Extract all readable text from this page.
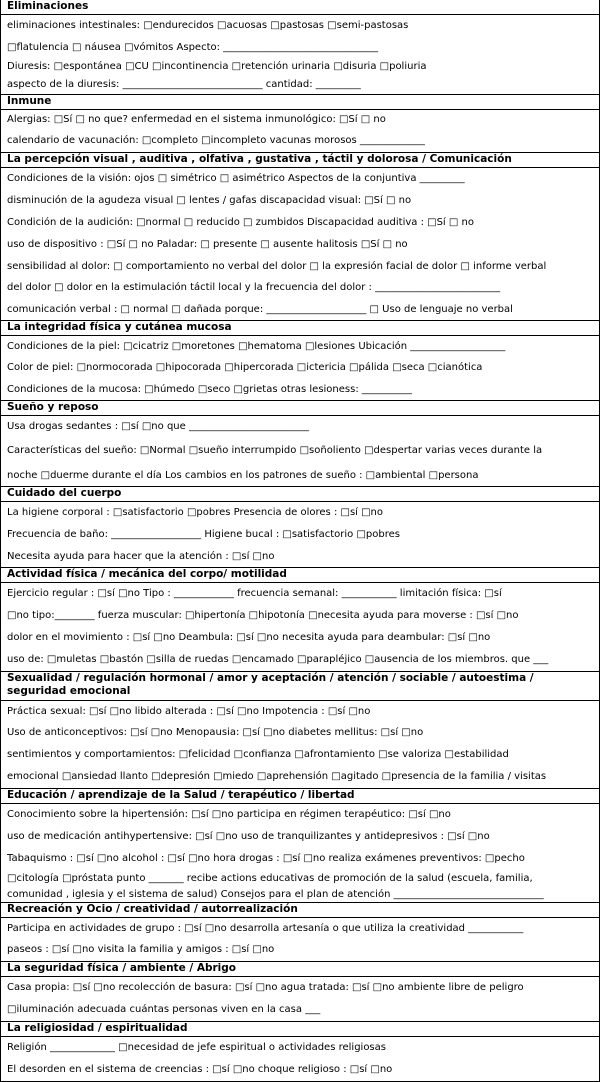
Eliminaciones
eliminaciones intestinales: □endurecidos □acuosas □pastosas □semi-pastosas
□flatulencia □ náusea □vómitos Aspecto: _______________________________
Diuresis: □espontánea □CU □incontinencia □retención urinaria □disuria □poliuria
aspecto de la diuresis: ____________________________ cantidad: _________
Inmune
Alergias: □Sí □ no que? enfermedad en el sistema inmunológico: □Sí □ no
calendario de vacunación: □completo □incompleto vacunas morosos _____________
La percepción visual , auditiva , olfativa , gustativa , táctil y dolorosa / Comunicación
Condiciones de la visión: ojos □ simétrico □ asimétrico Aspectos de la conjuntiva _________
disminución de la agudeza visual □ lentes / gafas discapacidad visual: □Sí □ no
Condición de la audición: □normal □ reducido □ zumbidos Discapacidad auditiva : □Sí □ no
uso de dispositivo : □Sí □ no Paladar: □ presente □ ausente halitosis □Sí □ no
sensibilidad al dolor: □ comportamiento no verbal del dolor □ la expresión facial de dolor □ informe verbal
del dolor □ dolor en la estimulación táctil local y la frecuencia del dolor : _________________________
comunicación verbal : □ normal □ dañada porque: ____________________ □ Uso de lenguaje no verbal
La integridad física y cutánea mucosa
Condiciones de la piel: □cicatriz □moretones □hematoma □lesiones Ubicación ___________________
Color de piel: □normocorada □hipocorada □hipercorada □ictericia □pálida □seca □cianótica
Condiciones de la mucosa: □húmedo □seco □grietas otras lesioness: __________
Sueño y reposo
Usa drogas sedantes : □sí □no que ________________________
Características del sueño: □Normal □sueño interrumpido □soñoliento □despertar varias veces durante la
noche □duerme durante el día Los cambios en los patrones de sueño : □ambiental □persona
Cuidado del cuerpo
La higiene corporal : □satisfactorio □pobres Presencia de olores : □sí □no
Frecuencia de baño: __________________ Higiene bucal : □satisfactorio □pobres
Necesita ayuda para hacer que la atención : □sí □no
Actividad física / mecánica del corpo/ motilidad
Ejercicio regular : □sí □no Tipo : ____________ frecuencia semanal: ___________ limitación física: □sí
□no tipo:________ fuerza muscular: □hipertonía □hipotonía □necesita ayuda para moverse : □sí □no
dolor en el movimiento : □sí □no Deambula: □sí □no necesita ayuda para deambular: □sí □no
uso de: □muletas □bastón □silla de ruedas □encamado □parapléjico □ausencia de los miembros. que ___
Sexualidad / regulación hormonal / amor y aceptación / atención / sociable / autoestima / seguridad emocional
Práctica sexual: □sí □no libido alterada : □sí □no Impotencia : □sí □no
Uso de anticonceptivos: □sí □no Menopausia: □sí □no diabetes mellitus: □sí □no
sentimientos y comportamientos: □felicidad □confianza □afrontamiento □se valoriza □estabilidad
emocional □ansiedad llanto □depresión □miedo □aprehensión □agitado □presencia de la familia / visitas
Educación / aprendizaje de la Salud / terapéutico / libertad
Conocimiento sobre la hipertensión: □sí □no participa en régimen terapéutico: □sí □no
uso de medicación antihypertensive: □sí □no uso de tranquilizantes y antidepresivos : □sí □no
Tabaquismo : □sí □no alcohol : □sí □no hora drogas : □sí □no realiza exámenes preventivos: □pecho
□citología □próstata punto _______ recibe actions educativas de promoción de la salud (escuela, familia,
comunidad , iglesia y el sistema de salud) Consejos para el plan de atención ______________________________
Recreación y Ocio / creatividad / autorrealización
Participa en actividades de grupo : □sí □no desarrolla artesanía o que utiliza la creatividad ___________
paseos : □sí □no visita la familia y amigos : □sí □no
La seguridad física / ambiente / Abrigo
Casa propia: □sí □no recolección de basura: □sí □no agua tratada: □sí □no ambiente libre de peligro
□iluminación adecuada cuántas personas viven en la casa ___
La religiosidad / espiritualidad
Religión _____________ □necesidad de jefe espiritual o actividades religiosas
El desorden en el sistema de creencias : □sí □no choque religioso : □sí □no
